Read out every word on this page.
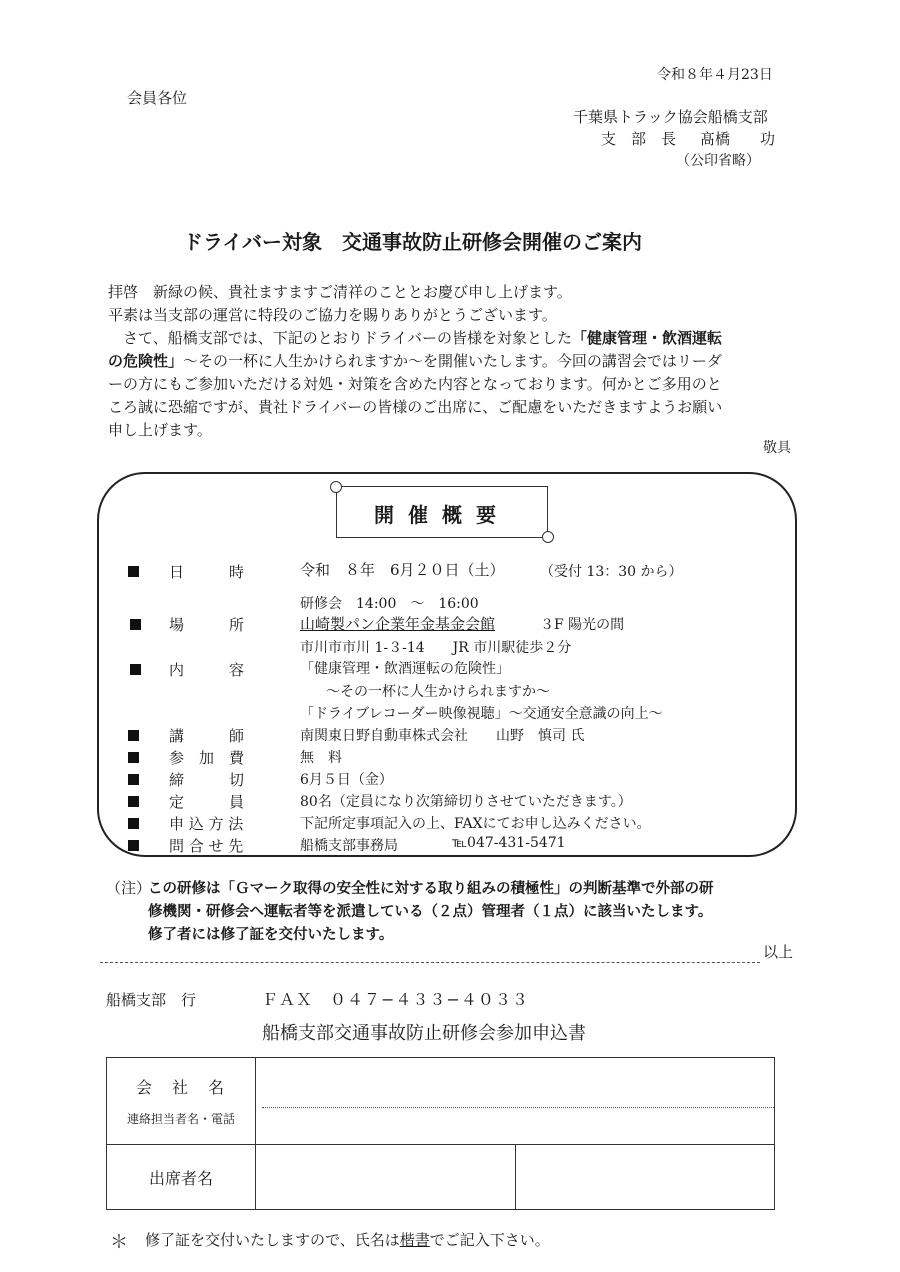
令和８年４月23日
会員各位
千葉県トラック協会船橋支部
支　部　長 髙橋　　功
（公印省略）
ドライバー対象　交通事故防止研修会開催のご案内
拝啓　新緑の候、貴社ますますご清祥のこととお慶び申し上げます。
平素は当支部の運営に特段のご協力を賜りありがとうございます。
　さて、船橋支部では、下記のとおりドライバーの皆様を対象とした「健康管理・飲酒運転
の危険性」〜その一杯に人生かけられますか〜を開催いたします。今回の講習会ではリーダ
ーの方にもご参加いただける対処・対策を含めた内容となっております。何かとご多用のと
ころ誠に恐縮ですが、貴社ドライバーの皆様のご出席に、ご配慮をいただきますようお願い
申し上げます。
敬具
開催概要
日　　　時	令和　８年　6月２０日（土）	（受付 13：30 から）
研修会　14:00　〜　16:00
場　　　所	山崎製パン企業年金基金会館	３F 陽光の間
市川市市川 1-３-14　　JR 市川駅徒歩２分
内　　　容	「健康管理・飲酒運転の危険性」
〜その一杯に人生かけられますか〜
「ドライブレコーダー映像視聴」〜交通安全意識の向上〜
講　　　師	南関東日野自動車株式会社　　山野　慎司 氏
参　加　費	無　料
締　　　切	6月５日（金）
定　　　員	80名（定員になり次第締切りさせていただきます。）
申 込 方 法	下記所定事項記入の上、FAXにてお申し込みください。
問 合 せ 先	船橋支部事務局	℡047-431-5471
（注）
この研修は「Ｇマーク取得の安全性に対する取り組みの積極性」の判断基準で外部の研
修機関・研修会へ運転者等を派遣している（２点）管理者（１点）に該当いたします。
修了者には修了証を交付いたします。
以上
船橋支部　行	ＦＡＸ　０４７−４３３−４０３３
船橋支部交通事故防止研修会参加申込書
会　社　名
連絡担当者名・電話		

出席者名		
＊ 修了証を交付いたしますので、氏名は楷書でご記入下さい。
